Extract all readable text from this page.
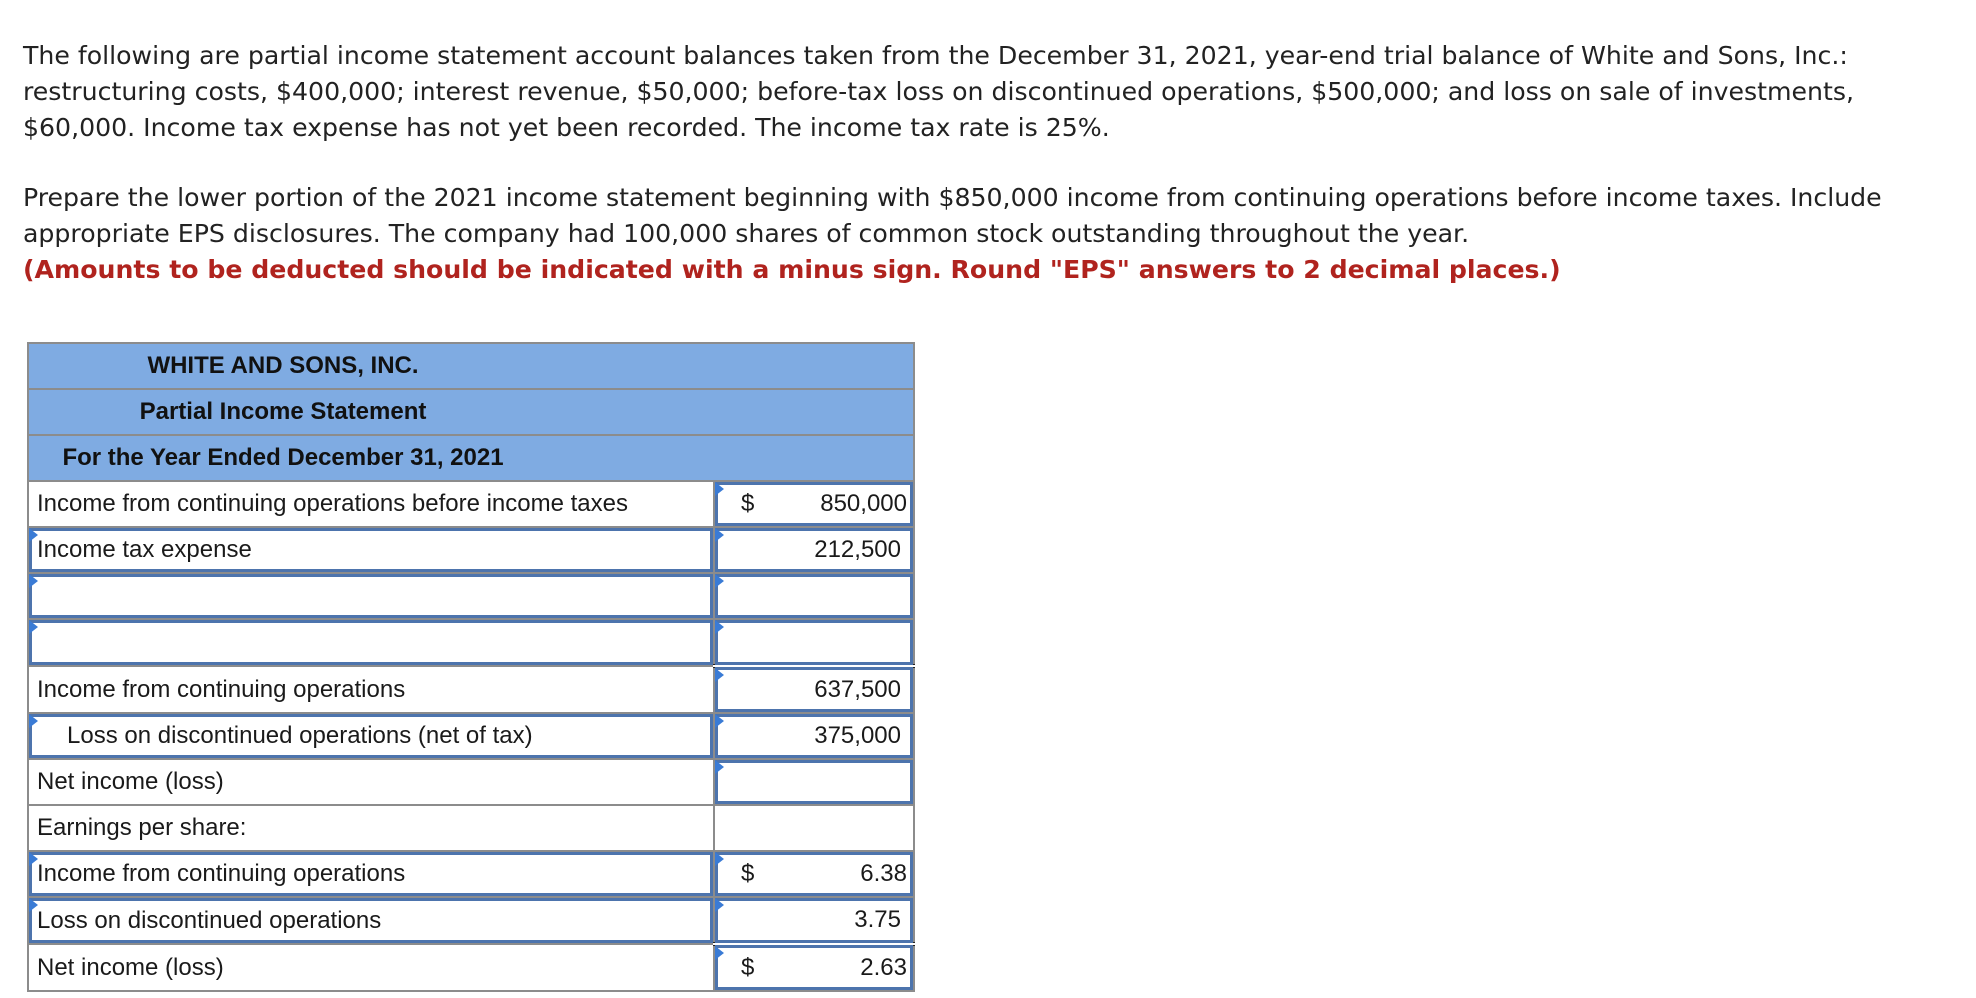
The following are partial income statement account balances taken from the December 31, 2021, year-end trial balance of White and Sons, Inc.: restructuring costs, $400,000; interest revenue, $50,000; before-tax loss on discontinued operations, $500,000; and loss on sale of investments, $60,000. Income tax expense has not yet been recorded. The income tax rate is 25%.

Prepare the lower portion of the 2021 income statement beginning with $850,000 income from continuing operations before income taxes. Include appropriate EPS disclosures. The company had 100,000 shares of common stock outstanding throughout the year.
(Amounts to be deducted should be indicated with a minus sign. Round "EPS" answers to 2 decimal places.)

WHITE AND SONS, INC.	
Partial Income Statement	
For the Year Ended December 31, 2021	
Income from continuing operations before income taxes	$ 850,000

Income tax expense	212,500

Income from continuing operations	637,500

Loss on discontinued operations (net of tax)	375,000

Net income (loss)	
Earnings per share:	
Income from continuing operations	$ 6.38

Loss on discontinued operations	3.75

Net income (loss)	$ 2.63
